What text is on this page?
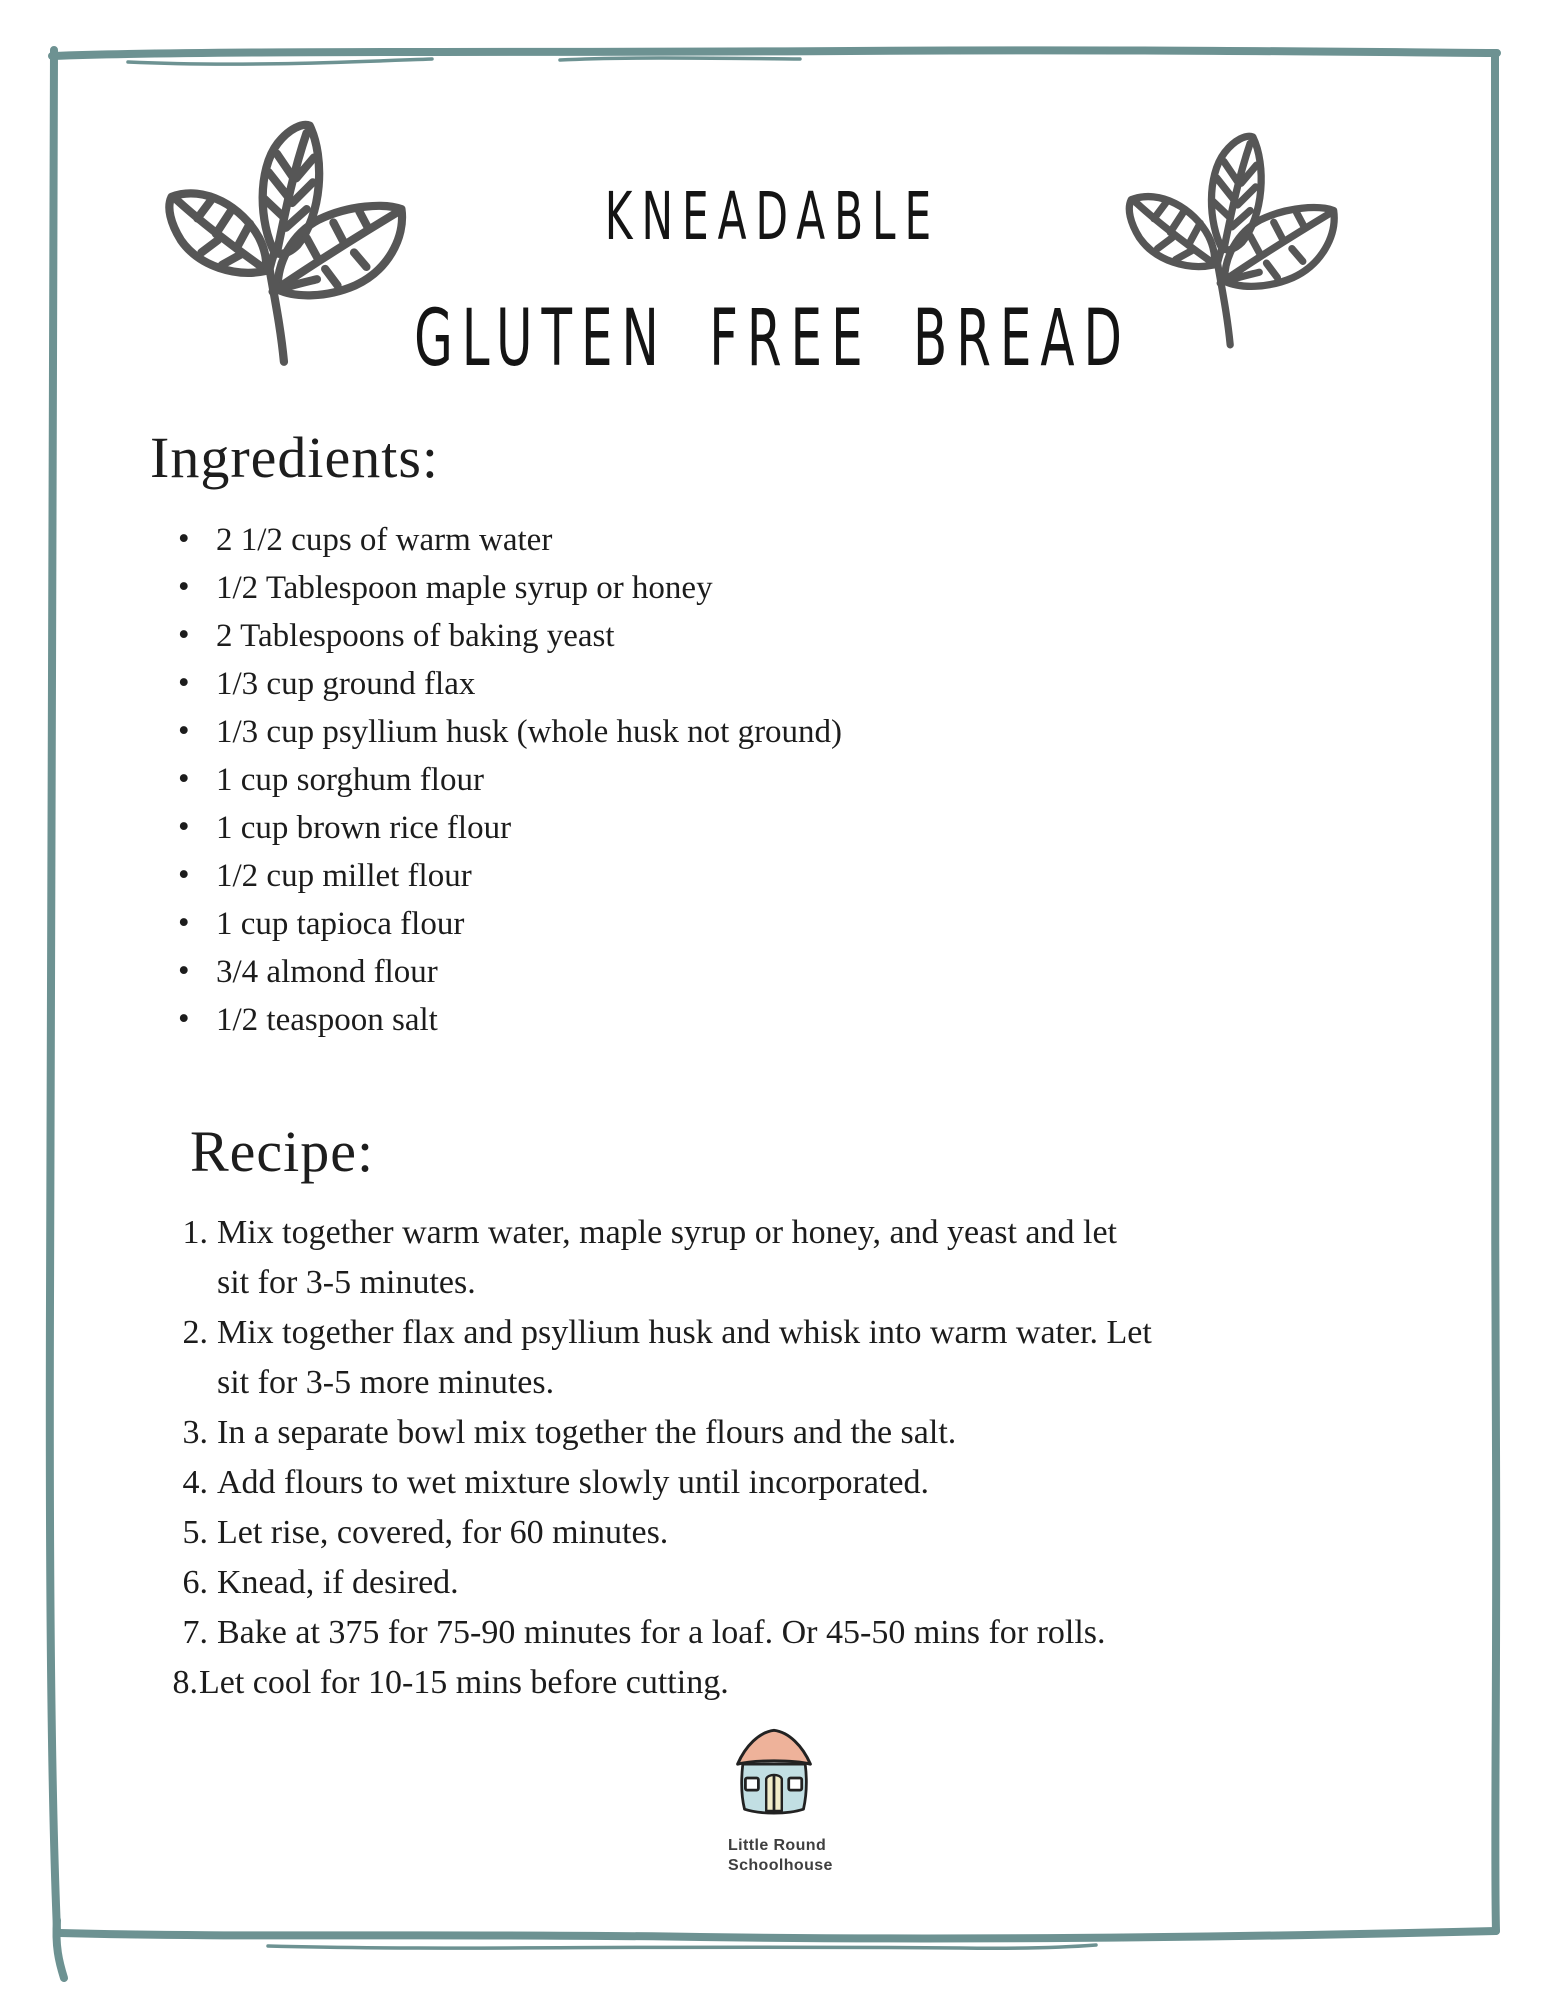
KNEADABLE
GLUTEN FREE BREAD
Ingredients:
• 2 1/2 cups of warm water
• 1/2 Tablespoon maple syrup or honey
• 2 Tablespoons of baking yeast
• 1/3 cup ground flax
• 1/3 cup psyllium husk (whole husk not ground)
• 1 cup sorghum flour
• 1 cup brown rice flour
• 1/2 cup millet flour
• 1 cup tapioca flour
• 3/4 almond flour
• 1/2 teaspoon salt
Recipe:
1. Mix together warm water, maple syrup or honey, and yeast and let
sit for 3-5 minutes.
2. Mix together flax and psyllium husk and whisk into warm water. Let
sit for 3-5 more minutes.
3. In a separate bowl mix together the flours and the salt.
4. Add flours to wet mixture slowly until incorporated.
5. Let rise, covered, for 60 minutes.
6. Knead, if desired.
7. Bake at 375 for 75-90 minutes for a loaf. Or 45-50 mins for rolls.
8. Let cool for 10-15 mins before cutting.
Little Round
Schoolhouse
